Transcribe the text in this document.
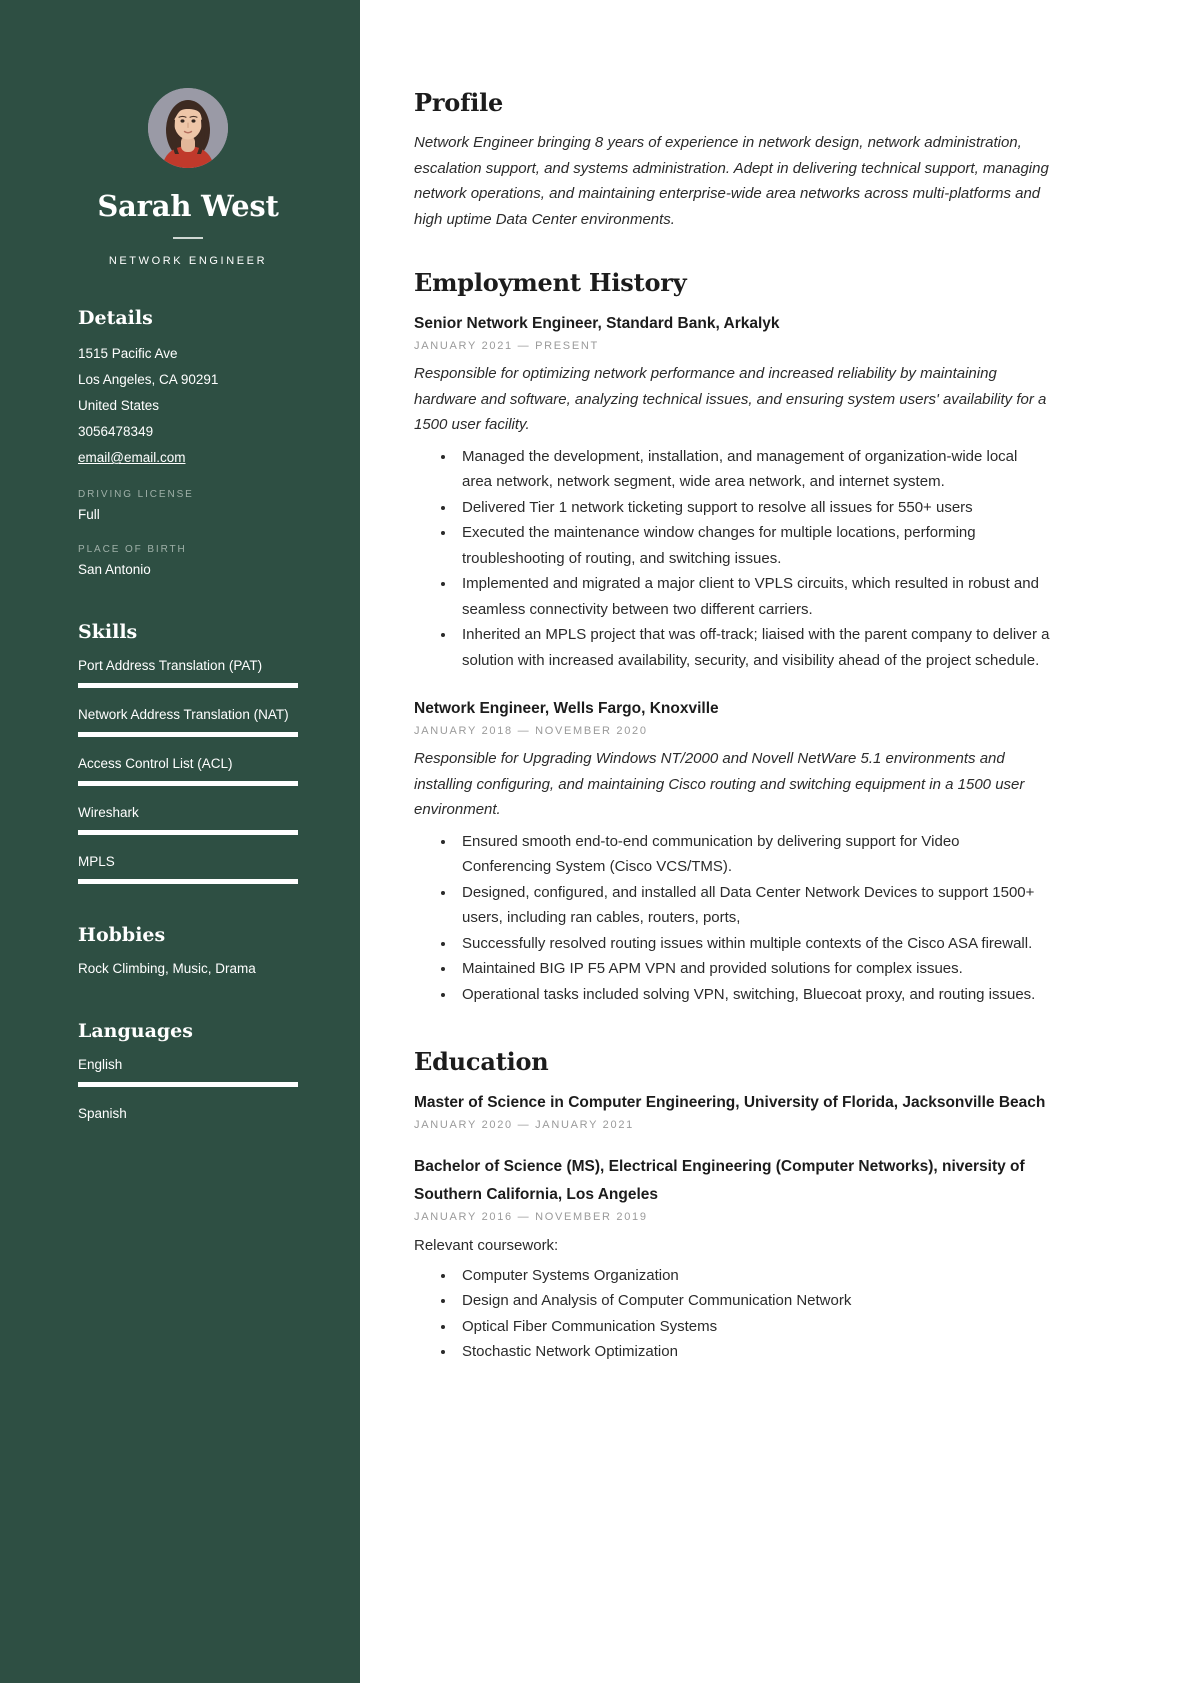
Sarah West
NETWORK ENGINEER
Details
1515 Pacific Ave
Los Angeles, CA 90291
United States
3056478349
email@email.com
DRIVING LICENSE
Full
PLACE OF BIRTH
San Antonio
Skills
Port Address Translation (PAT)
Network Address Translation (NAT)
Access Control List (ACL)
Wireshark
MPLS
Hobbies
Rock Climbing, Music, Drama
Languages
English
Spanish
Profile

Network Engineer bringing 8 years of experience in network design, network administration, escalation support, and systems administration. Adept in delivering technical support, managing network operations, and maintaining enterprise-wide area networks across multi-platforms and high uptime Data Center environments.

Employment History
Senior Network Engineer, Standard Bank, Arkalyk
JANUARY 2021 — PRESENT

Responsible for optimizing network performance and increased reliability by maintaining hardware and software, analyzing technical issues, and ensuring system users' availability for a 1500 user facility.

• Managed the development, installation, and management of organization-wide local area network, network segment, wide area network, and internet system.
• Delivered Tier 1 network ticketing support to resolve all issues for 550+ users
• Executed the maintenance window changes for multiple locations, performing troubleshooting of routing, and switching issues.
• Implemented and migrated a major client to VPLS circuits, which resulted in robust and seamless connectivity between two different carriers.
• Inherited an MPLS project that was off-track; liaised with the parent company to deliver a solution with increased availability, security, and visibility ahead of the project schedule.
Network Engineer, Wells Fargo, Knoxville
JANUARY 2018 — NOVEMBER 2020

Responsible for Upgrading Windows NT/2000 and Novell NetWare 5.1 environments and installing configuring, and maintaining Cisco routing and switching equipment in a 1500 user environment.

• Ensured smooth end-to-end communication by delivering support for Video Conferencing System (Cisco VCS/TMS).
• Designed, configured, and installed all Data Center Network Devices to support 1500+ users, including ran cables, routers, ports,
• Successfully resolved routing issues within multiple contexts of the Cisco ASA firewall.
• Maintained BIG IP F5 APM VPN and provided solutions for complex issues.
• Operational tasks included solving VPN, switching, Bluecoat proxy, and routing issues.
Education
Master of Science in Computer Engineering, University of Florida, Jacksonville Beach
JANUARY 2020 — JANUARY 2021
Bachelor of Science (MS), Electrical Engineering (Computer Networks), niversity of Southern California, Los Angeles
JANUARY 2016 — NOVEMBER 2019

Relevant coursework:

• Computer Systems Organization
• Design and Analysis of Computer Communication Network
• Optical Fiber Communication Systems
• Stochastic Network Optimization
